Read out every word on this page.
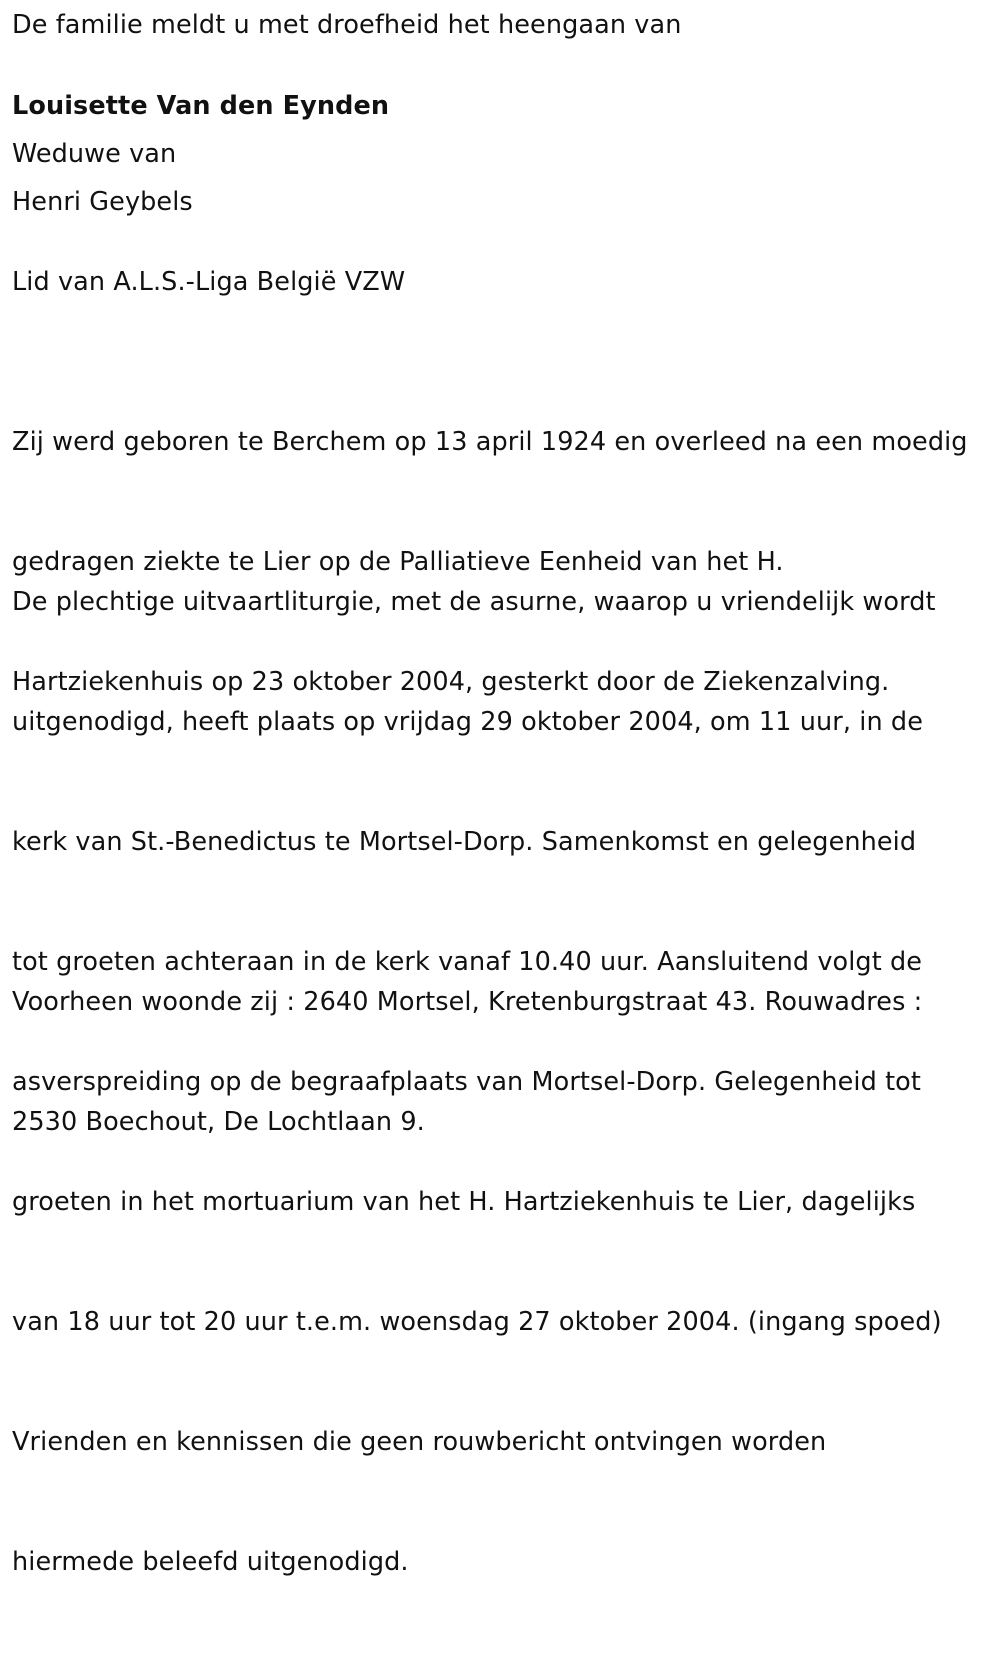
De familie meldt u met droefheid het heengaan van

Louisette Van den Eynden

Weduwe van

Henri Geybels

Lid van A.L.S.-Liga België VZW

Zij werd geboren te Berchem op 13 april 1924 en overleed na een moedig

gedragen ziekte te Lier op de Palliatieve Eenheid van het H.

Hartziekenhuis op 23 oktober 2004, gesterkt door de Ziekenzalving.

De plechtige uitvaartliturgie, met de asurne, waarop u vriendelijk wordt

uitgenodigd, heeft plaats op vrijdag 29 oktober 2004, om 11 uur, in de

kerk van St.-Benedictus te Mortsel-Dorp. Samenkomst en gelegenheid

tot groeten achteraan in de kerk vanaf 10.40 uur. Aansluitend volgt de

asverspreiding op de begraafplaats van Mortsel-Dorp. Gelegenheid tot

groeten in het mortuarium van het H. Hartziekenhuis te Lier, dagelijks

van 18 uur tot 20 uur t.e.m. woensdag 27 oktober 2004. (ingang spoed)

Vrienden en kennissen die geen rouwbericht ontvingen worden

hiermede beleefd uitgenodigd.

Voorheen woonde zij : 2640 Mortsel, Kretenburgstraat 43. Rouwadres :

2530 Boechout, De Lochtlaan 9.
